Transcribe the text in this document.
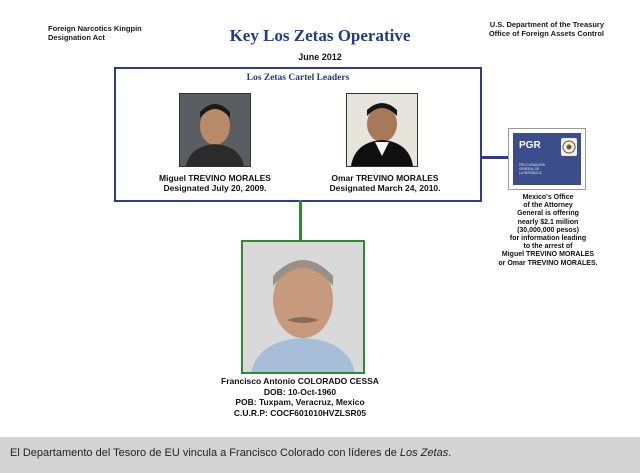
Foreign Narcotics Kingpin
Designation Act
U.S. Department of the Treasury
Office of Foreign Assets Control
Key Los Zetas Operative
June 2012
Los Zetas Cartel Leaders
Miguel TREVINO MORALES
Designated July 20, 2009.
Omar TREVINO MORALES
Designated March 24, 2010.
PGR
PROCURADURÍA
GENERAL DE
LA REPÚBLICA
Mexico's Office
of the Attorney
General is offering
nearly $2.1 million
(30,000,000 pesos)
for information leading
to the arrest of
Miguel TREVINO MORALES
or Omar TREVINO MORALES.
Francisco Antonio COLORADO CESSA
DOB: 10-Oct-1960
POB: Tuxpam, Veracruz, Mexico
C.U.R.P: COCF601010HVZLSR05
El Departamento del Tesoro de EU vincula a Francisco Colorado con líderes de Los Zetas.
